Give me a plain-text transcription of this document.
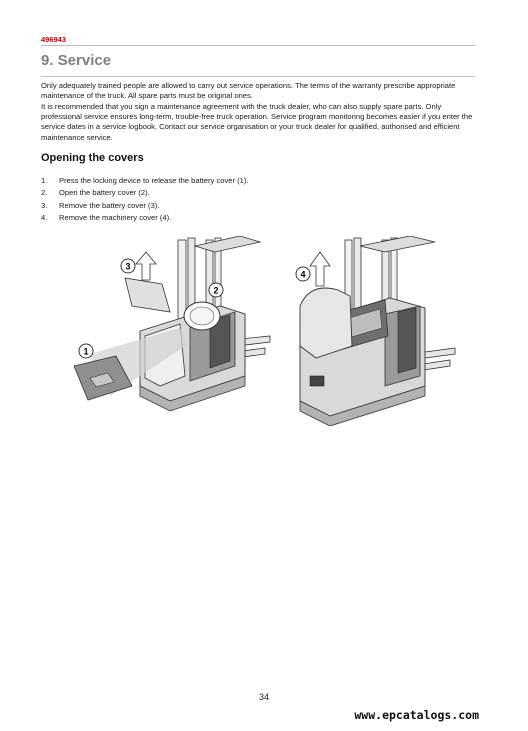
496943
9. Service

Only adequately trained people are allowed to carry out service operations. The terms of the warranty prescribe appropriate maintenance of the truck. All spare parts must be original ones.

It is recommended that you sign a maintenance agreement with the truck dealer, who can also supply spare parts. Only professional service ensures long-term, trouble-free truck operation. Service program monitoring becomes easier if you enter the service dates in a service logbook. Contact our service organisation or your truck dealer for qualified, authorised and efficient maintenance service.

Opening the covers
1. Press the locking device to release the battery cover (1).
2. Open the battery cover (2).
3. Remove the battery cover (3).
4. Remove the machinery cover (4).
3
2
1
4
34
www.epcatalogs.com
